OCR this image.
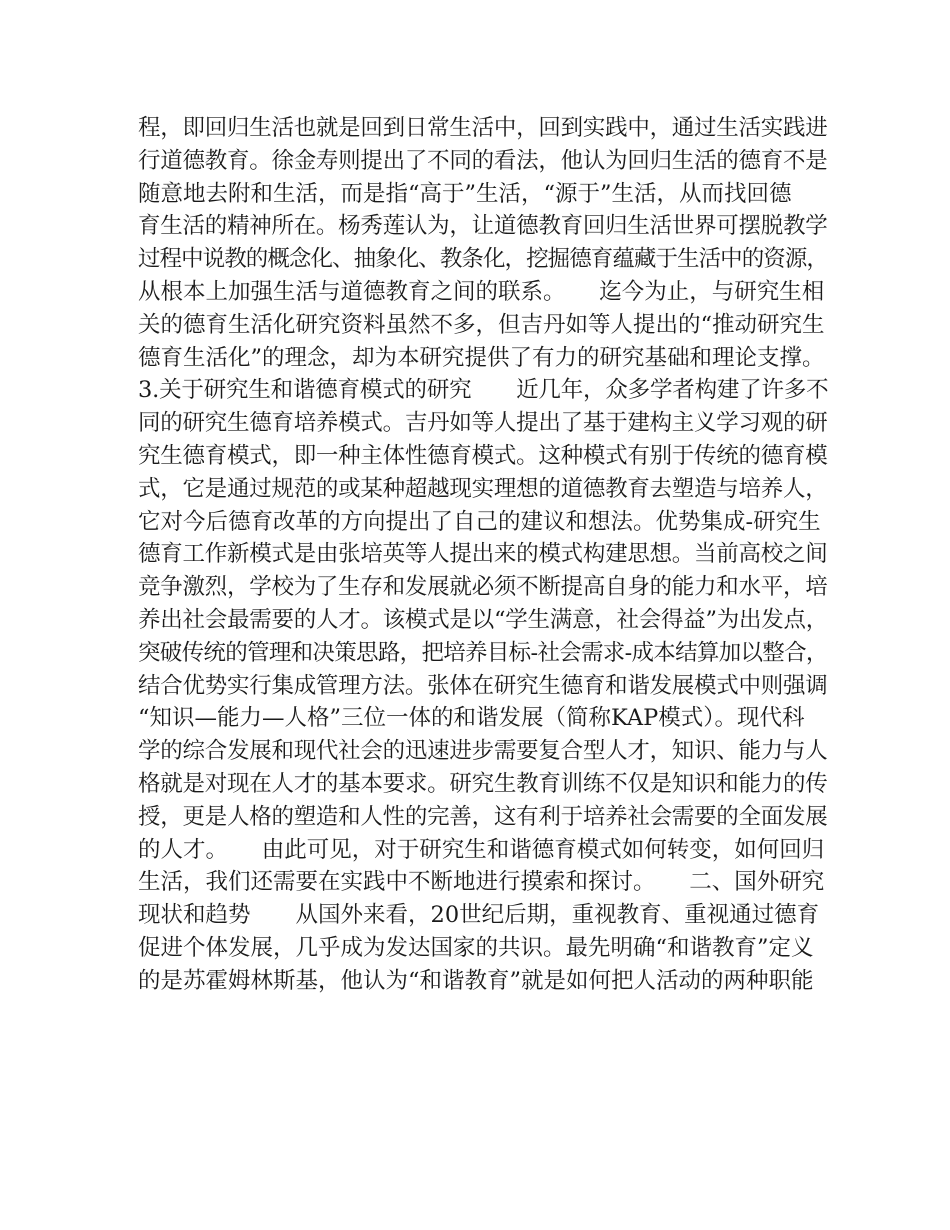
程，即回归生活也就是回到日常生活中，回到实践中，通过生活实践进
行道德教育。徐金寿则提出了不同的看法，他认为回归生活的德育不是
随意地去附和生活，而是指“高于”生活，“源于”生活，从而找回德
育生活的精神所在。杨秀莲认为，让道德教育回归生活世界可摆脱教学
过程中说教的概念化、抽象化、教条化，挖掘德育蕴藏于生活中的资源，
从根本上加强生活与道德教育之间的联系。　　迄今为止，与研究生相
关的德育生活化研究资料虽然不多，但吉丹如等人提出的“推动研究生
德育生活化”的理念，却为本研究提供了有力的研究基础和理论支撑。
3.关于研究生和谐德育模式的研究　　近几年，众多学者构建了许多不
同的研究生德育培养模式。吉丹如等人提出了基于建构主义学习观的研
究生德育模式，即一种主体性德育模式。这种模式有别于传统的德育模
式，它是通过规范的或某种超越现实理想的道德教育去塑造与培养人，
它对今后德育改革的方向提出了自己的建议和想法。优势集成-研究生
德育工作新模式是由张培英等人提出来的模式构建思想。当前高校之间
竞争激烈，学校为了生存和发展就必须不断提高自身的能力和水平，培
养出社会最需要的人才。该模式是以“学生满意，社会得益”为出发点，
突破传统的管理和决策思路，把培养目标-社会需求-成本结算加以整合，
结合优势实行集成管理方法。张体在研究生德育和谐发展模式中则强调
“知识—能力—人格”三位一体的和谐发展（简称KAP模式）。现代科
学的综合发展和现代社会的迅速进步需要复合型人才，知识、能力与人
格就是对现在人才的基本要求。研究生教育训练不仅是知识和能力的传
授，更是人格的塑造和人性的完善，这有利于培养社会需要的全面发展
的人才。　　由此可见，对于研究生和谐德育模式如何转变，如何回归
生活，我们还需要在实践中不断地进行摸索和探讨。　　二、国外研究
现状和趋势　　从国外来看，20世纪后期，重视教育、重视通过德育
促进个体发展，几乎成为发达国家的共识。最先明确“和谐教育”定义
的是苏霍姆林斯基，他认为“和谐教育”就是如何把人活动的两种职能
